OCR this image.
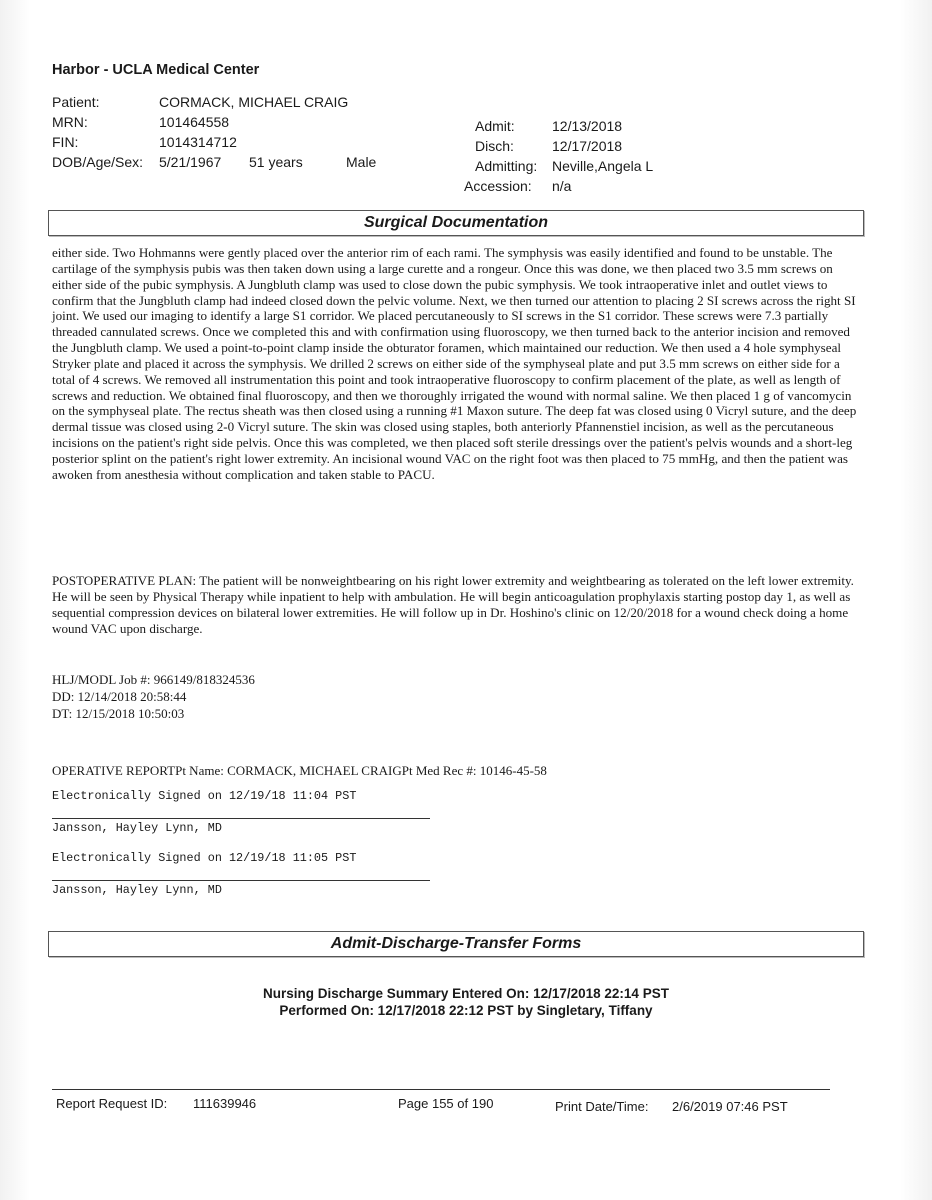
Harbor - UCLA Medical Center
Patient:	CORMACK, MICHAEL CRAIG
MRN:	101464558
FIN:	1014314712
DOB/Age/Sex: 5/21/1967 51 years	Male
Admit:	12/13/2018
Disch:	12/17/2018
Admitting: Neville,Angela L
Accession: n/a
Surgical Documentation

either side. Two Hohmanns were gently placed over the anterior rim of each rami. The symphysis was easily identified and found to be unstable. The cartilage of the symphysis pubis was then taken down using a large curette and a rongeur. Once this was done, we then placed two 3.5 mm screws on either side of the pubic symphysis. A Jungbluth clamp was used to close down the pubic symphysis. We took intraoperative inlet and outlet views to confirm that the Jungbluth clamp had indeed closed down the pelvic volume. Next, we then turned our attention to placing 2 SI screws across the right SI joint. We used our imaging to identify a large S1 corridor. We placed percutaneously to SI screws in the S1 corridor. These screws were 7.3 partially threaded cannulated screws. Once we completed this and with confirmation using fluoroscopy, we then turned back to the anterior incision and removed the Jungbluth clamp. We used a point-to-point clamp inside the obturator foramen, which maintained our reduction. We then used a 4 hole symphyseal Stryker plate and placed it across the symphysis. We drilled 2 screws on either side of the symphyseal plate and put 3.5 mm screws on either side for a total of 4 screws. We removed all instrumentation this point and took intraoperative fluoroscopy to confirm placement of the plate, as well as length of screws and reduction. We obtained final fluoroscopy, and then we thoroughly irrigated the wound with normal saline. We then placed 1 g of vancomycin on the symphyseal plate. The rectus sheath was then closed using a running #1 Maxon suture. The deep fat was closed using 0 Vicryl suture, and the deep dermal tissue was closed using 2-0 Vicryl suture. The skin was closed using staples, both anteriorly Pfannenstiel incision, as well as the percutaneous incisions on the patient's right side pelvis. Once this was completed, we then placed soft sterile dressings over the patient's pelvis wounds and a short-leg posterior splint on the patient's right lower extremity. An incisional wound VAC on the right foot was then placed to 75 mmHg, and then the patient was awoken from anesthesia without complication and taken stable to PACU.

POSTOPERATIVE PLAN: The patient will be nonweightbearing on his right lower extremity and weightbearing as tolerated on the left lower extremity. He will be seen by Physical Therapy while inpatient to help with ambulation. He will begin anticoagulation prophylaxis starting postop day 1, as well as sequential compression devices on bilateral lower extremities. He will follow up in Dr. Hoshino's clinic on 12/20/2018 for a wound check doing a home wound VAC upon discharge.

HLJ/MODL Job #: 966149/818324536
DD: 12/14/2018 20:58:44
DT: 12/15/2018 10:50:03
OPERATIVE REPORTPt Name: CORMACK, MICHAEL CRAIGPt Med Rec #: 10146-45-58
Electronically Signed on 12/19/18 11:04 PST
Jansson, Hayley Lynn, MD
Electronically Signed on 12/19/18 11:05 PST
Jansson, Hayley Lynn, MD
Admit-Discharge-Transfer Forms
Nursing Discharge Summary Entered On: 12/17/2018 22:14 PST
Performed On: 12/17/2018 22:12 PST by Singletary, Tiffany
Report Request ID: 111639946	Page 155 of 190	Print Date/Time: 2/6/2019 07:46 PST
